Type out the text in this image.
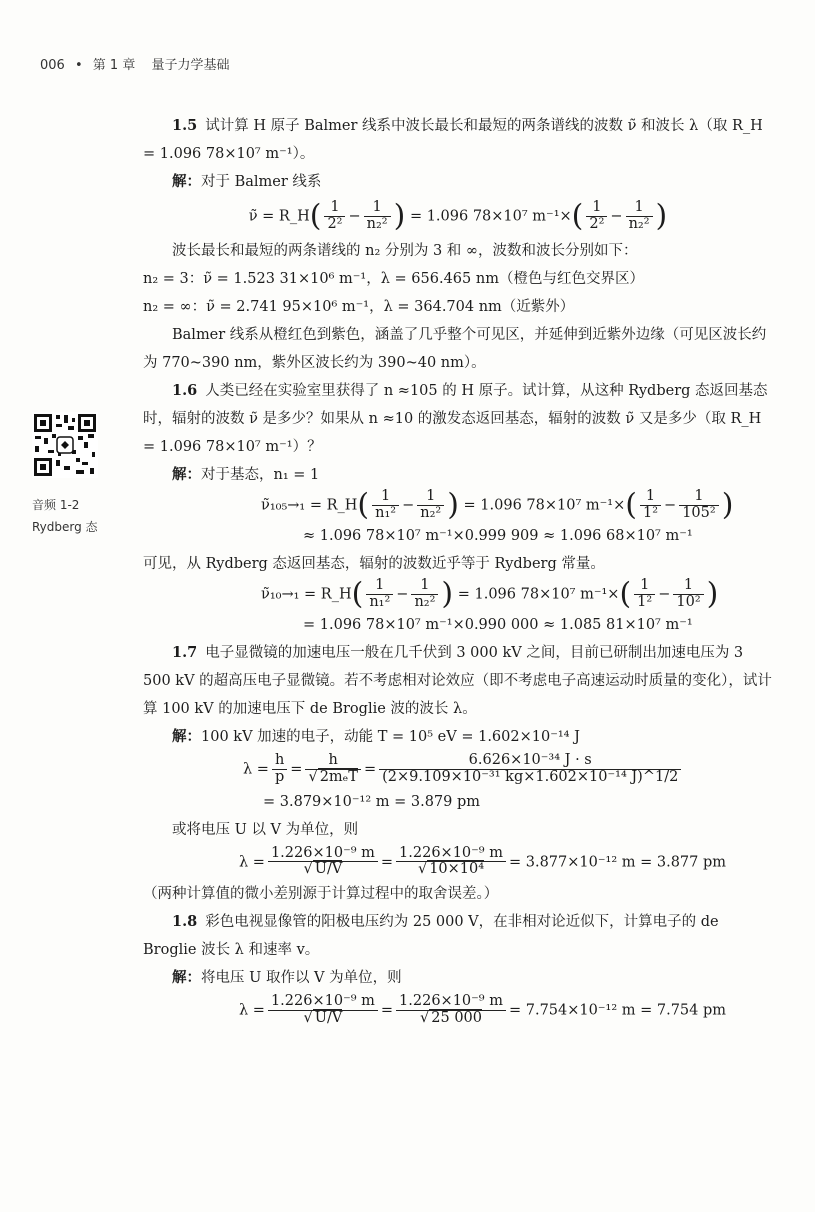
006 • 第 1 章 量子力学基础
音频 1-2
Rydberg 态

1.5 试计算 H 原子 Balmer 线系中波长最长和最短的两条谱线的波数 ν̃ 和波长 λ（取 R_H = 1.096 78×10⁷ m⁻¹）。

解：对于 Balmer 线系

ν̃ = R_H( $\frac{1}{\text{2²}} - \frac{1}{\text{n₂²}}$ ) = 1.096 78×10⁷ $m^{-1}\times( \frac{1}{\text{2²}} - \frac{1}{\text{n₂²}}$ )

波长最长和最短的两条谱线的 n₂ 分别为 3 和 ∞，波数和波长分别如下：

n₂ = 3：ν̃ = 1.523 31×10⁶ m⁻¹，λ = 656.465 nm（橙色与红色交界区）

n₂ = ∞：ν̃ = 2.741 95×10⁶ m⁻¹，λ = 364.704 nm（近紫外）

Balmer 线系从橙红色到紫色，涵盖了几乎整个可见区，并延伸到近紫外边缘（可见区波长约为 770~390 nm，紫外区波长约为 390~40 nm）。

1.6 人类已经在实验室里获得了 n ≈105 的 H 原子。试计算，从这种 Rydberg 态返回基态时，辐射的波数 ν̃ 是多少？如果从 n ≈10 的激发态返回基态，辐射的波数 ν̃ 又是多少（取 R_H = 1.096 78×10⁷ m⁻¹）？

解：对于基态，n₁ = 1

ν̃₁₀₅→₁ = R_H( $\frac{1}{\text{n₁²}} - \frac{1}{\text{n₂²}}$ ) = 1.096 78×10⁷ $m^{-1}\times( \frac{1}{\text{1²}} - \frac{1}{\text{105²}}$ )
≈ 1.096 78×10⁷ m⁻¹×0.999 909 ≈ 1.096 68×10⁷ m⁻¹

可见，从 Rydberg 态返回基态，辐射的波数近乎等于 Rydberg 常量。

ν̃₁₀→₁ = R_H( $\frac{1}{\text{n₁²}} - \frac{1}{\text{n₂²}}$ ) = 1.096 78×10⁷ $m^{-1}\times( \frac{1}{\text{1²}} - \frac{1}{\text{10²}}$ )
= 1.096 78×10⁷ m⁻¹×0.990 000 ≈ 1.085 81×10⁷ m⁻¹

1.7 电子显微镜的加速电压一般在几千伏到 3 000 kV 之间，目前已研制出加速电压为 3 500 kV 的超高压电子显微镜。若不考虑相对论效应（即不考虑电子高速运动时质量的变化），试计算 100 kV 的加速电压下 de Broglie 波的波长 λ。

解：100 kV 加速的电子，动能 T = 10⁵ eV = 1.602×10⁻¹⁴ J

$\lambda = \frac{h}{p} = \frac{h}{\text{√ 2mₑT}} = \frac{\text{6.626×10⁻³⁴ J · s}}{\text{(2×9.109×10⁻³¹ kg×1.602×10⁻¹⁴ J)\textasciicircum{}1/2}}$
= 3.879×10⁻¹² m = 3.879 pm

或将电压 U 以 V 为单位，则

$\lambda = \frac{\text{1.226×10⁻⁹ m}}{√ U/V} = \frac{\text{1.226×10⁻⁹ m}}{\text{√ 10×10⁴}} = 3.877\times 10^{-12}$ m = 3.877 pm

（两种计算值的微小差别源于计算过程中的取舍误差。）

1.8 彩色电视显像管的阳极电压约为 25 000 V，在非相对论近似下，计算电子的 de Broglie 波长 λ 和速率 v。

解：将电压 U 取作以 V 为单位，则

$\lambda = \frac{\text{1.226×10⁻⁹ m}}{√ U/V} = \frac{\text{1.226×10⁻⁹ m}}{√ 25 000} = 7.754\times 10^{-12}$ m = 7.754 pm
